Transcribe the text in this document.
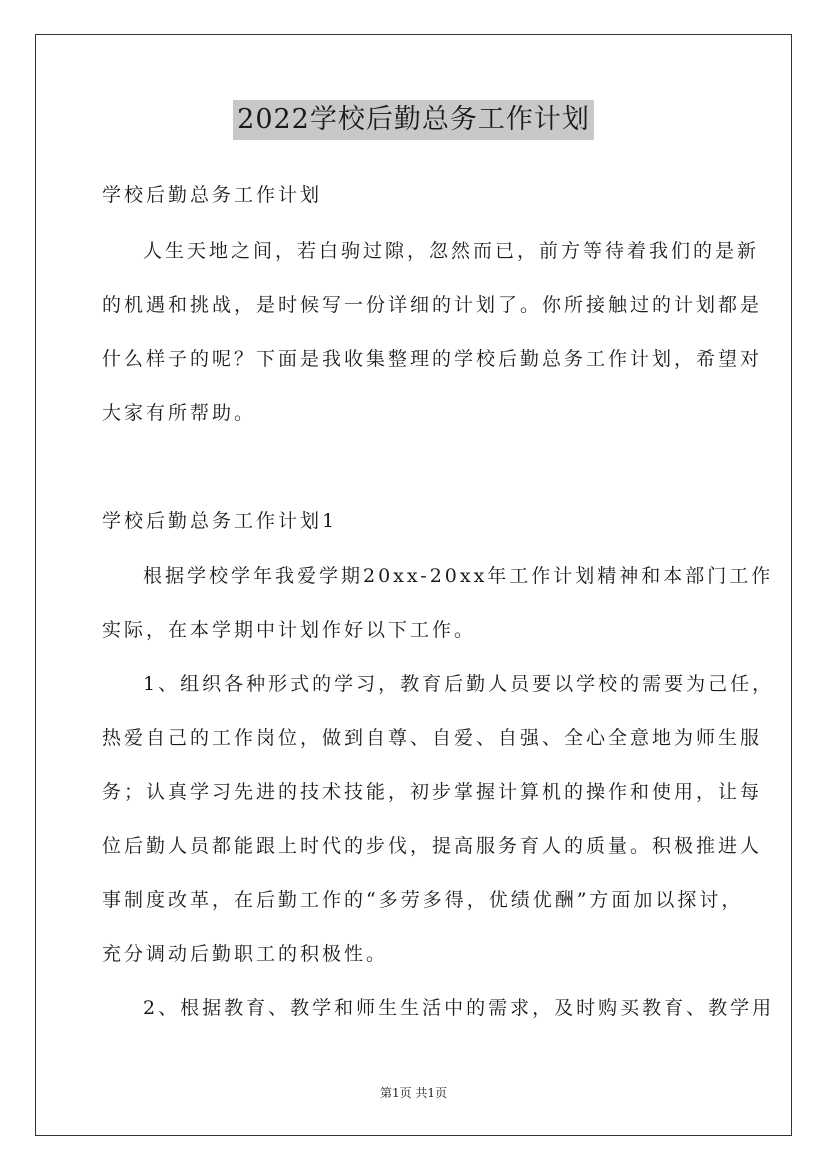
2022学校后勤总务工作计划
学校后勤总务工作计划
人生天地之间，若白驹过隙，忽然而已，前方等待着我们的是新
的机遇和挑战，是时候写一份详细的计划了。你所接触过的计划都是
什么样子的呢？下面是我收集整理的学校后勤总务工作计划，希望对
大家有所帮助。
学校后勤总务工作计划1
根据学校学年我爱学期20xx-20xx年工作计划精神和本部门工作
实际，在本学期中计划作好以下工作。
1、组织各种形式的学习，教育后勤人员要以学校的需要为己任，
热爱自己的工作岗位，做到自尊、自爱、自强、全心全意地为师生服
务；认真学习先进的技术技能，初步掌握计算机的操作和使用，让每
位后勤人员都能跟上时代的步伐，提高服务育人的质量。积极推进人
事制度改革，在后勤工作的“多劳多得，优绩优酬”方面加以探讨，
充分调动后勤职工的积极性。
2、根据教育、教学和师生生活中的需求，及时购买教育、教学用
第1页 共1页
